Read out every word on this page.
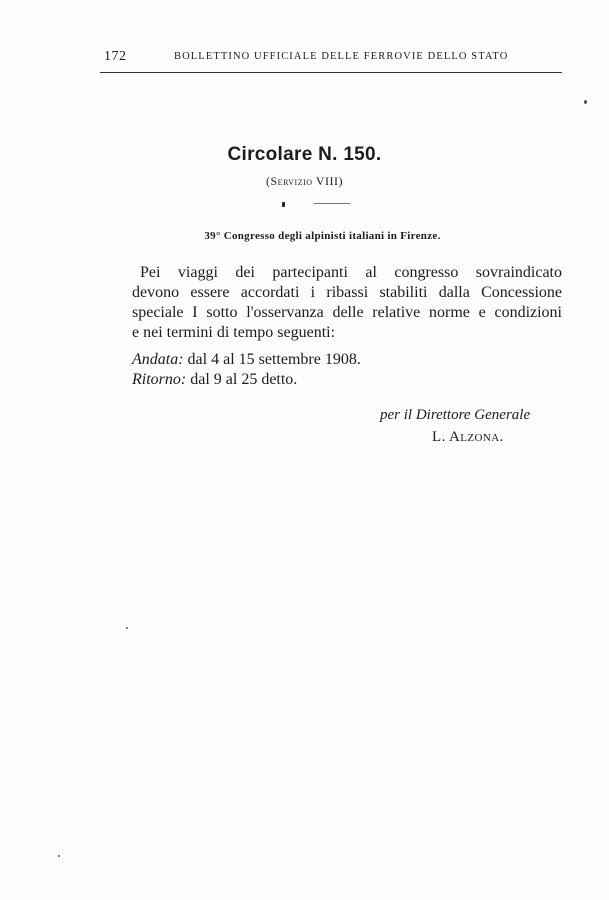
172	BOLLETTINO UFFICIALE DELLE FERROVIE DELLO STATO
Circolare N. 150.
(Servizio VIII)
39° Congresso degli alpinisti italiani in Firenze.
Pei viaggi dei partecipanti al congresso sovraindicato
devono essere accordati i ribassi stabiliti dalla Concessione
speciale I sotto l'osservanza delle relative norme e condizioni
e nei termini di tempo seguenti:
Andata: dal 4 al 15 settembre 1908.
Ritorno: dal 9 al 25 detto.
per il Direttore Generale
L. Alzona.
